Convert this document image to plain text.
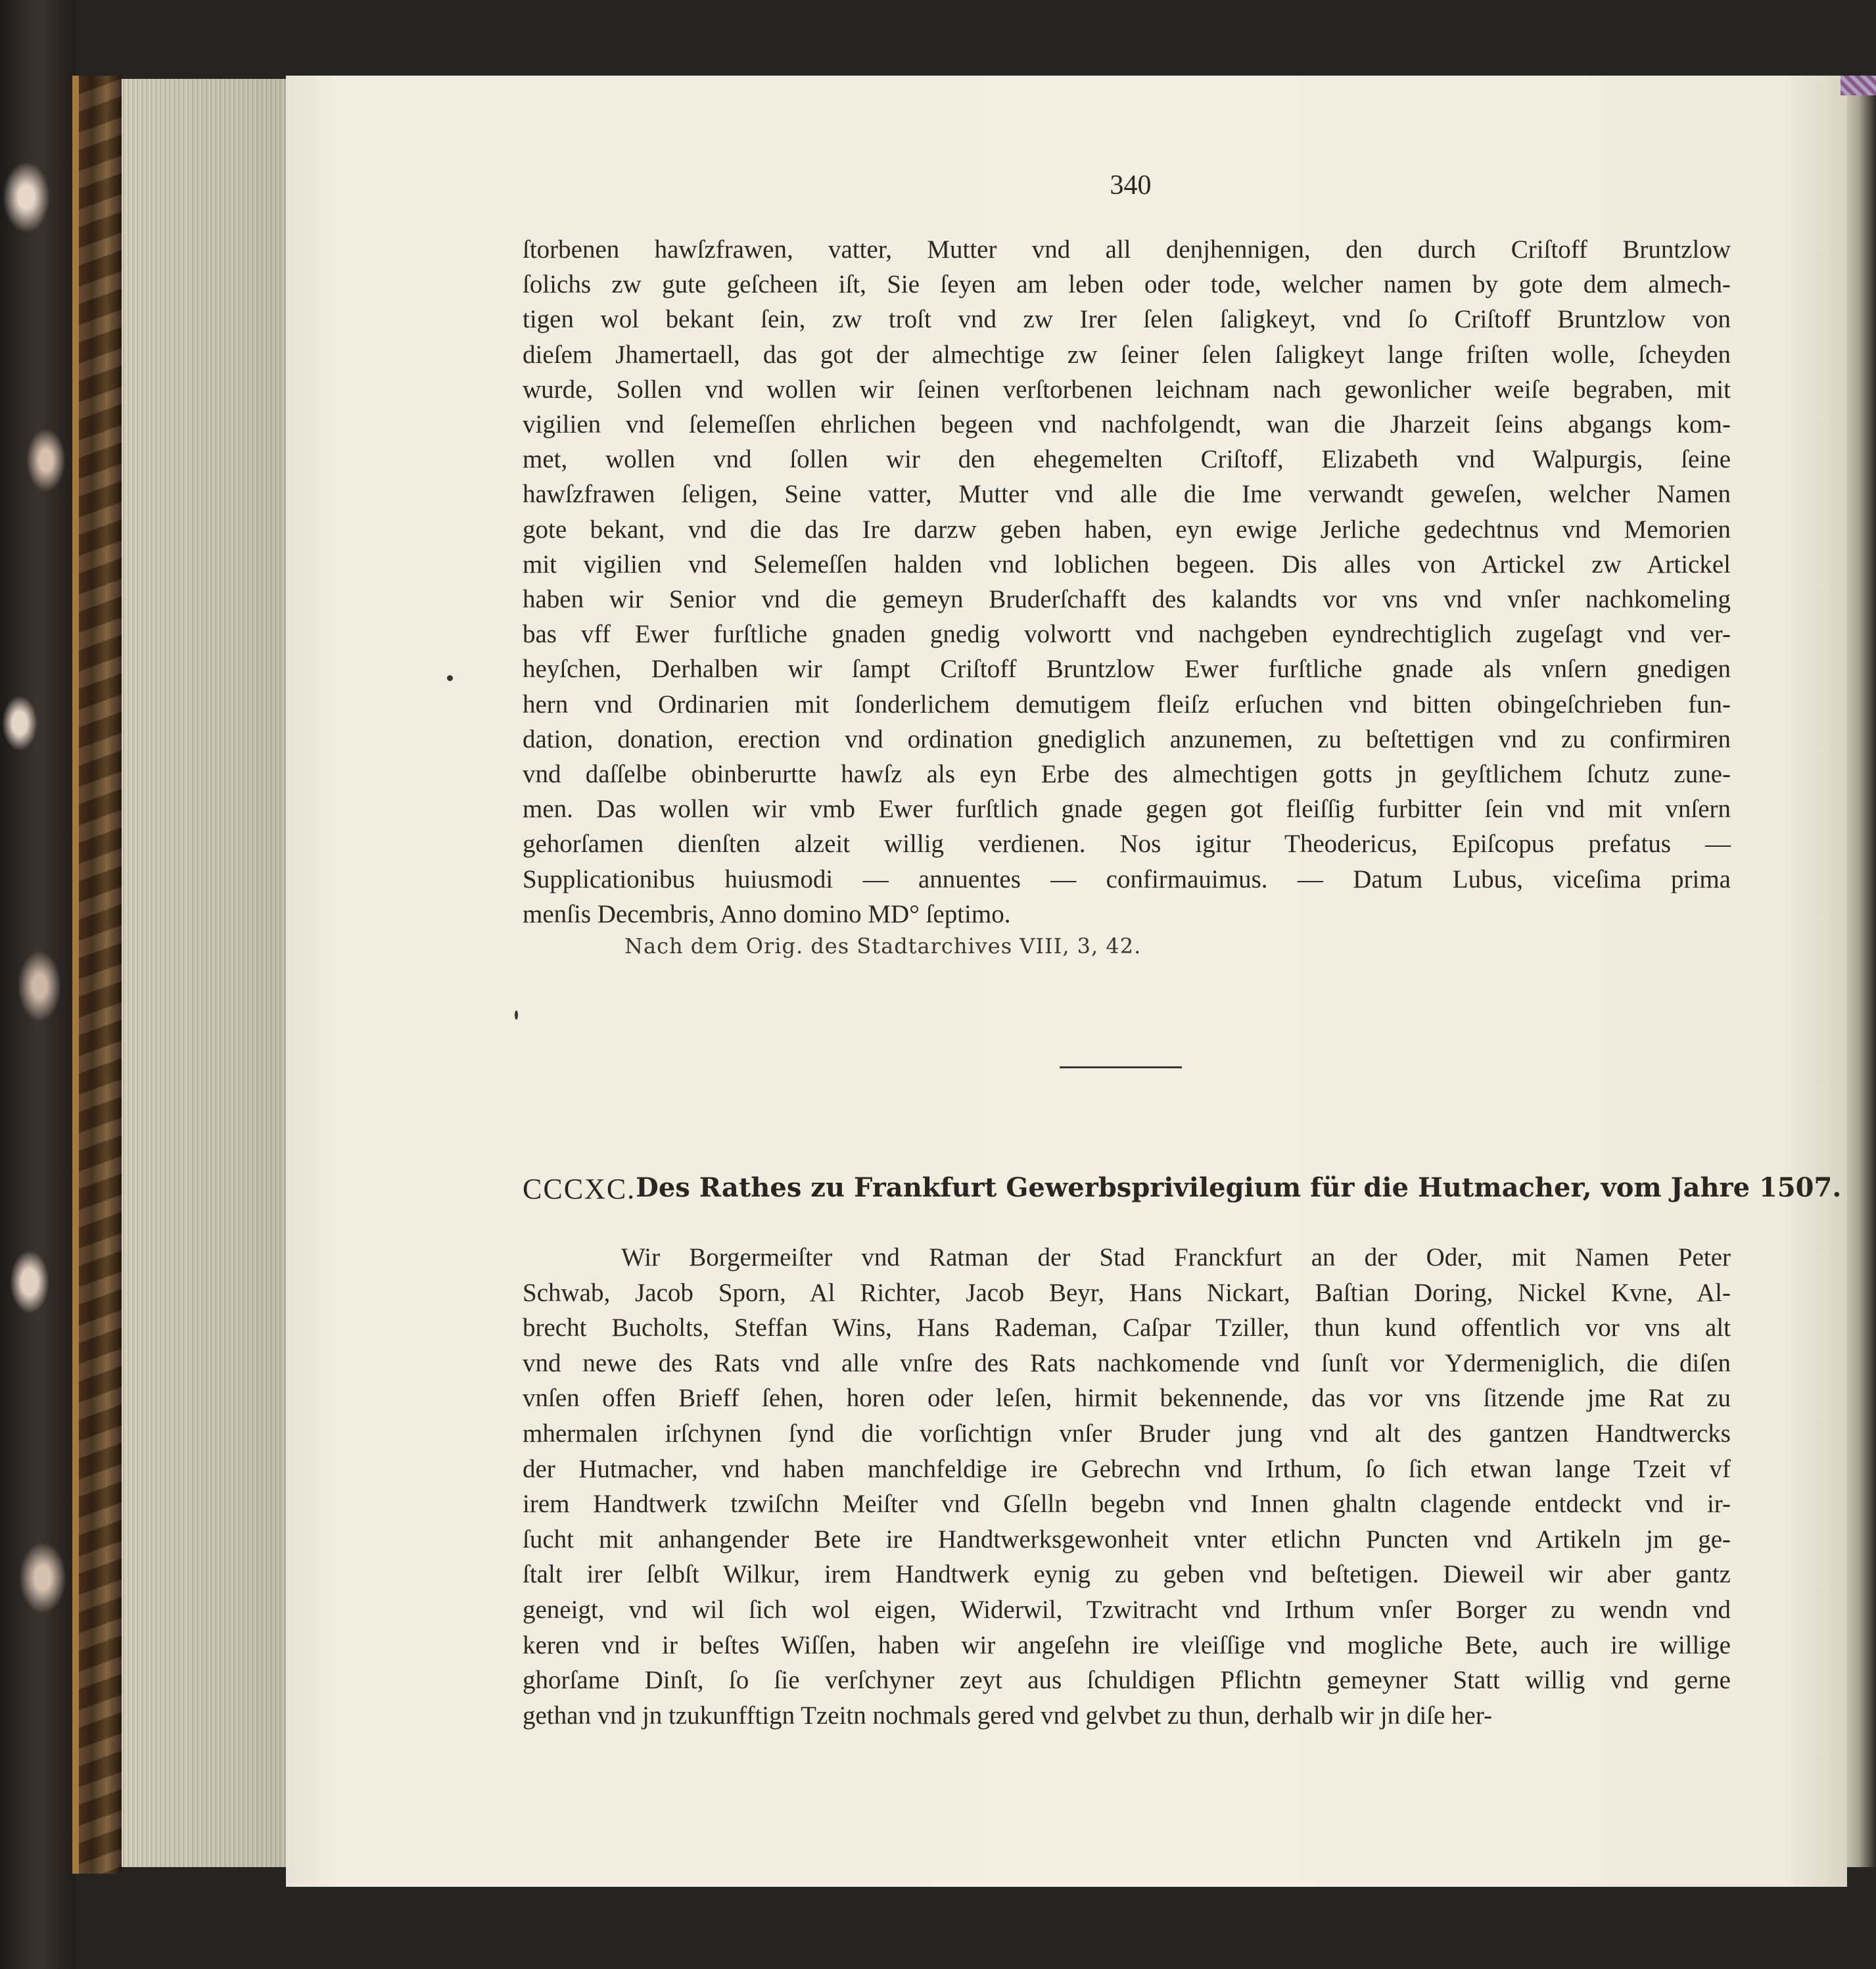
340
ſtorbenen hawſzfrawen, vatter, Mutter vnd all denjhennigen, den durch Criſtoff Bruntzlow
ſolichs zw gute geſcheen iſt, Sie ſeyen am leben oder tode, welcher namen by gote dem almech-
tigen wol bekant ſein, zw troſt vnd zw Irer ſelen ſaligkeyt, vnd ſo Criſtoff Bruntzlow von
dieſem Jhamertaell, das got der almechtige zw ſeiner ſelen ſaligkeyt lange friſten wolle, ſcheyden
wurde, Sollen vnd wollen wir ſeinen verſtorbenen leichnam nach gewonlicher weiſe begraben, mit
vigilien vnd ſelemeſſen ehrlichen begeen vnd nachfolgendt, wan die Jharzeit ſeins abgangs kom-
met, wollen vnd ſollen wir den ehegemelten Criſtoff, Elizabeth vnd Walpurgis, ſeine
hawſzfrawen ſeligen, Seine vatter, Mutter vnd alle die Ime verwandt geweſen, welcher Namen
gote bekant, vnd die das Ire darzw geben haben, eyn ewige Jerliche gedechtnus vnd Memorien
mit vigilien vnd Selemeſſen halden vnd loblichen begeen. Dis alles von Artickel zw Artickel
haben wir Senior vnd die gemeyn Bruderſchafft des kalandts vor vns vnd vnſer nachkomeling
bas vff Ewer furſtliche gnaden gnedig volwortt vnd nachgeben eyndrechtiglich zugeſagt vnd ver-
heyſchen, Derhalben wir ſampt Criſtoff Bruntzlow Ewer furſtliche gnade als vnſern gnedigen
hern vnd Ordinarien mit ſonderlichem demutigem fleiſz erſuchen vnd bitten obingeſchrieben fun-
dation, donation, erection vnd ordination gnediglich anzunemen, zu beſtettigen vnd zu confirmiren
vnd daſſelbe obinberurtte hawſz als eyn Erbe des almechtigen gotts jn geyſtlichem ſchutz zune-
men. Das wollen wir vmb Ewer furſtlich gnade gegen got fleiſſig furbitter ſein vnd mit vnſern
gehorſamen dienſten alzeit willig verdienen. Nos igitur Theodericus, Epiſcopus prefatus —
Supplicationibus huiusmodi — annuentes — confirmauimus. — Datum Lubus, viceſima prima
menſis Decembris, Anno domino MD° ſeptimo.
Nach dem Orig. des Stadtarchives VIII, 3, 42.
CCCXC. Des Rathes zu Frankfurt Gewerbsprivilegium für die Hutmacher, vom Jahre 1507.
Wir Borgermeiſter vnd Ratman der Stad Franckfurt an der Oder, mit Namen Peter
Schwab, Jacob Sporn, Al Richter, Jacob Beyr, Hans Nickart, Baſtian Doring, Nickel Kvne, Al-
brecht Bucholts, Steffan Wins, Hans Rademan, Caſpar Tziller, thun kund offentlich vor vns alt
vnd newe des Rats vnd alle vnſre des Rats nachkomende vnd ſunſt vor Ydermeniglich, die diſen
vnſen offen Brieff ſehen, horen oder leſen, hirmit bekennende, das vor vns ſitzende jme Rat zu
mhermalen irſchynen ſynd die vorſichtign vnſer Bruder jung vnd alt des gantzen Handtwercks
der Hutmacher, vnd haben manchfeldige ire Gebrechn vnd Irthum, ſo ſich etwan lange Tzeit vf
irem Handtwerk tzwiſchn Meiſter vnd Gſelln begebn vnd Innen ghaltn clagende entdeckt vnd ir-
ſucht mit anhangender Bete ire Handtwerksgewonheit vnter etlichn Puncten vnd Artikeln jm ge-
ſtalt irer ſelbſt Wilkur, irem Handtwerk eynig zu geben vnd beſtetigen. Dieweil wir aber gantz
geneigt, vnd wil ſich wol eigen, Widerwil, Tzwitracht vnd Irthum vnſer Borger zu wendn vnd
keren vnd ir beſtes Wiſſen, haben wir angeſehn ire vleiſſige vnd mogliche Bete, auch ire willige
ghorſame Dinſt, ſo ſie verſchyner zeyt aus ſchuldigen Pflichtn gemeyner Statt willig vnd gerne
gethan vnd jn tzukunfftign Tzeitn nochmals gered vnd gelvbet zu thun, derhalb wir jn diſe her-
